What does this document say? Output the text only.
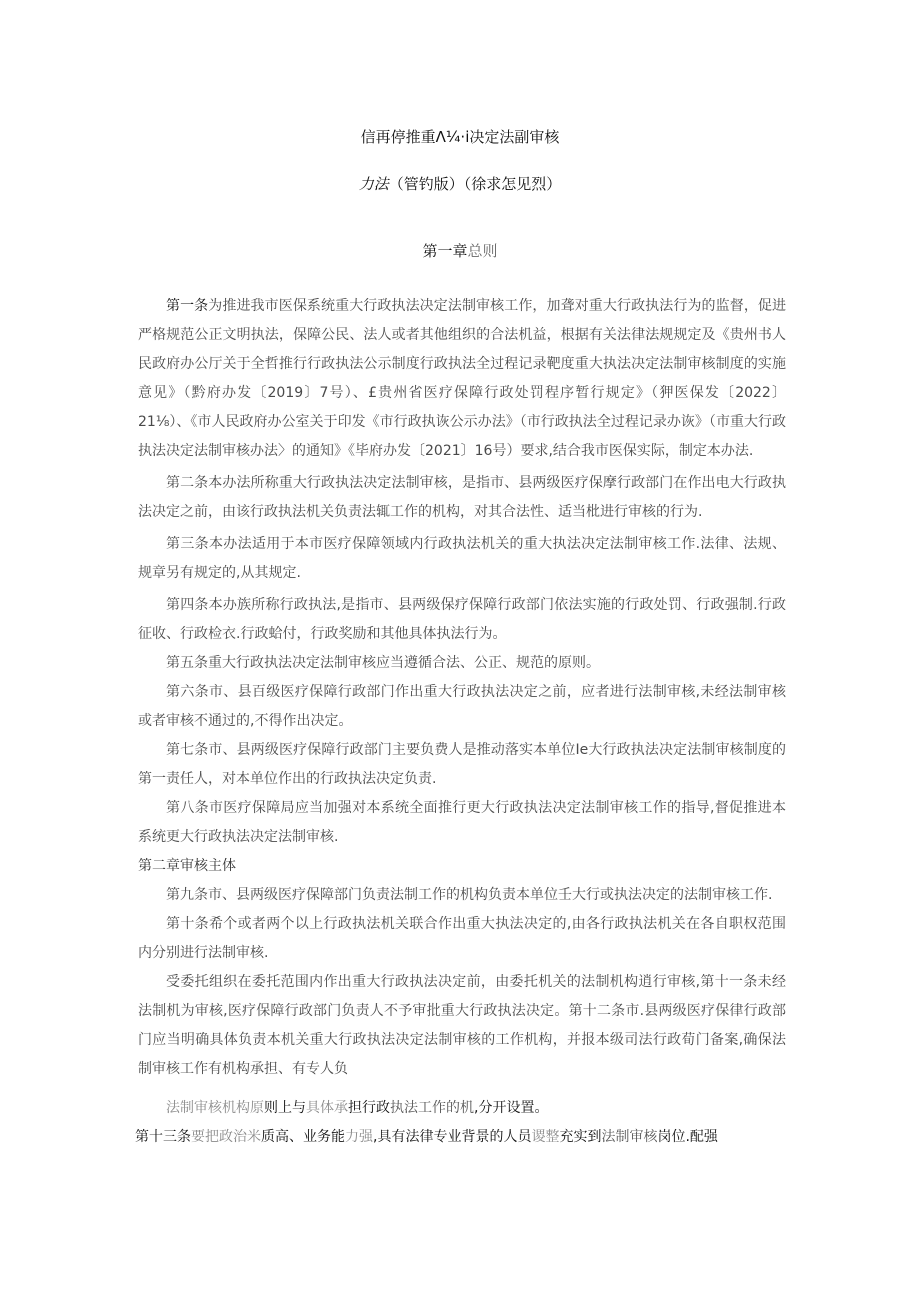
信再停推重Λ¼·i决定法副审核
力法（管钓版）（徐求怎见烈）
第一章总则

第一条为推进我市医保系统重大行政执法决定法制审核工作，加聋对重大行政执法行为的监督，促进严格规范公正文明执法，保障公民、法人或者其他组织的合法机益，根据有关法律法规规定及《贵州书人民政府办公厅关于全哲推行行政执法公示制度行政执法全过程记录靶度重大执法决定法制审核制度的实施意见》（黔府办发〔2019〕7号）、£贵州省医疗保障行政处罚程序暂行规定》（狎医保发〔2022〕21⅛）、《市人民政府办公室关于印发《市行政执诙公示办法》（市行政执法全过程记录办诙》（市重大行政执法决定法制审核办法〉的通知》《毕府办发〔2021〕16号）要求,结合我市医保实际，制定本办法.

第二条本办法所称重大行政执法决定法制审核，是指市、县两级医疗保摩行政部门在作出电大行政执法决定之前，由该行政执法机关负责法辄工作的机构，对其合法性、适当枇进行审核的行为.

第三条本办法适用于本市医疗保障领域内行政执法机关的重大执法决定法制审核工作.法律、法规、规章另有规定的,从其规定.

第四条本办族所称行政执法,是指市、县两级保疗保障行政部门依法实施的行政处罚、行政强制.行政征收、行政检衣.行政蛤付，行政奖励和其他具体执法行为。

第五条重大行政执法决定法制审核应当遵循合法、公正、规范的原则。

第六条市、县百级医疗保障行政部门作出重大行政执法决定之前，应者进行法制审核,未经法制审核或者审核不通过的,不得作出决定。

第七条市、县两级医疗保障行政部门主要负费人是推动落实本单位Ie大行政执法决定法制审核制度的第一责任人，对本单位作出的行政执法决定负责.

第八条市医疗保障局应当加强对本系统全面推行更大行政执法决定法制审核工作的指导,督促推进本系统更大行政执法决定法制审核.

第二章审核主体

第九条市、县两级医疗保障部门负责法制工作的机构负责本单位壬大行或执法决定的法制审核工作.

第十条希个或者两个以上行政执法机关联合作出重大执法决定的,由各行政执法机关在各自职权范围内分别进行法制审核.

受委托组织在委托范围内作出重大行政执法决定前，由委托机关的法制机构逍行审核,第十一条未经法制机为审核,医疗保障行政部门负责人不予审批重大行政执法决定。第十二条市.县两级医疗保律行政部门应当明确具体负责本机关重大行政执法决定法制审核的工作机构，并报本级司法行政荀门备案,确保法制审核工作有机构承担、有专人负

法制审核机构原则上与具体承担行政执法工作的机,分开设置。

第十三条要把政治米质高、业务能力强,具有法律专业背景的人员谡整充实到法制审核岗位.配强
